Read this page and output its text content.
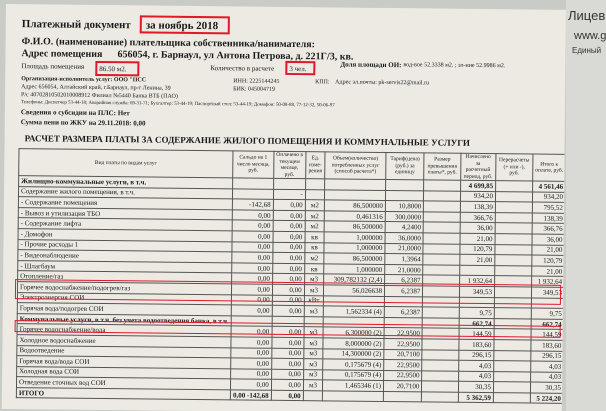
Платежный документ за ноябрь 2018
Ф.И.О. (наименование) плательщика собственника/нанимателя:
Адрес помещения 656054, г. Барнаул, ул Антона Петрова, д. 221Г/3, кв.
Площадь помещения 86.50 м2.	Количество в расчете 3 чел.	Доля площади ОИ: вод-вое 52.3338 м2. ; эл-ние 52.9986 м2.
Организация-исполнитель услуг: ООО "ПСС
Адрес 656054, Алтайский край, г.Барнаул, пр-т Ленина, 39
ИНН: 2225144245	КПП: Адрес эл.почты: pk-servis22@mail.ru
Р/с 40702810502010008912 Филиал №5440 Банка ВТБ (ПАО)
БИК: 045004719
Телефоны: Диспетчер 53-44-18; Аварийная служба: 69-31-71; Бухгалтер: 53-44-19; Паспортный стол: 53-44-19; Домофон: 50-08-88, 77-12-32, 50-06-97
Сведения о субсидии на ПЛС: Нет
Сумма пени по ЖКУ на 29.11.2018: 0,00
РАСЧЕТ РАЗМЕРА ПЛАТЫ ЗА СОДЕРЖАНИЕ ЖИЛОГО ПОМЕЩЕНИЯ И КОММУНАЛЬНЫЕ УСЛУГИ
Вид платы по видам услуг	Сальдо на 1 число месяца, руб.	Оплачено в текущем месяце, руб.	Ед. изме- рения	Объем(количество) потребленных услуг (способ расчета*)	Тариф(цена) (руб.) за единицу	Размер превышения платы*, руб.	Начислено за расчетный период, руб.	Перерасчеты (+ или -), руб.	Итого к оплате, руб.
Жилищно-коммунальные услуги, в т.ч.							4 699,85		4 561,46
Содержание жилого помещения, в т.ч.		-					934,20		934,20
- Содержание помещения	-142,68	0,00	м2	86,500000	10,8000		138,39		795,52
- Вывоз и утилизация ТБО	0,00	0,00	м2	0,461316	300,0000		366,76		138,39
- Содержание лифта	0,00	0,00	м2	86,500000	4,2400		36,00		366,76
- Домофон	0,00	0,00	кв	1,000000	36,0000		21,00		36,00
- Прочие расходы 1	0,00	0,00	кв	1,000000	21,0000		120,79		21,00
- Видеонаблюдение	0,00	0,00	м2	86,500000	1,3964		21,00		120,79
- Шлагбаум	0,00	0,00	кв	1,000000	21,0000				21,00
Отопление/газ	0,00	0,00	м3	309,782132 (2,4)	6,2387		1 932,64		1 932,64
Горячее водоснабжение/подогрев/газ	0,00	0,00	м3	56,026638	6,2387		349,53		349,53
Электроэнергия СОИ	0,00	0,00	кВт						
Горячая вода/подогрев СОИ	0,00	0,00	м3	1,562334 (4)	6,2387		9,75		9,75
Коммунальные услуги, в т.ч. без учета водоотведения банка, в т.ч.							662,74		662,74
Горячее водоснабжение/вода	0,00	0,00	м3	6,300000 (2)	22,9500		144,59		144,59
Холодное водоснабжение	0,00	0,00	м3	8,000000 (2)	22,9500		183,60		183,60
Водоотведение	0,00	0,00	м3	14,300000 (2)	20,7100		296,15		296,15
Горячая вода/вода СОИ	0,00	0,00	м3	0,175679 (4)	22,9500		4,03		4,03
Холодная вода СОИ	0,00	0,00	м3	0,175679 (4)	22,9500		4,03		4,03
Отведение сточных вод СОИ	0,00	0,00	м3	1,465346 (1)	20,7100		30,35		30,35
ИТОГО	0,00 -142,68	0,00					5 362,59		5 224,20
Лицев
www.g
Единый
